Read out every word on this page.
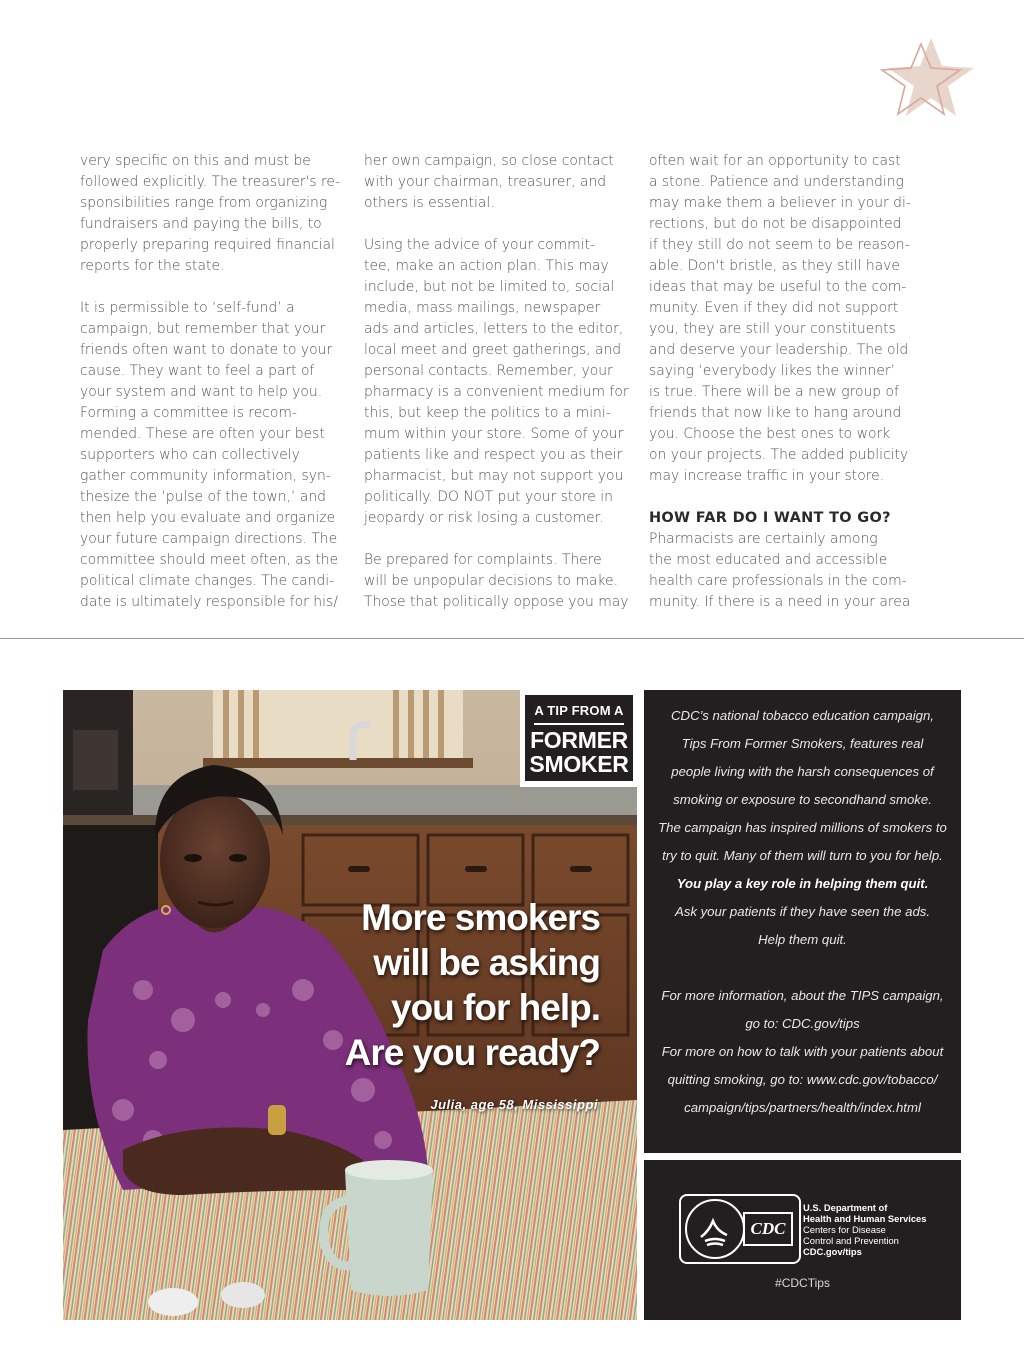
very specific on this and must be
followed explicitly. The treasurer's re-
sponsibilities range from organizing
fundraisers and paying the bills, to
properly preparing required financial
reports for the state.

It is permissible to ‘self-fund’ a
campaign, but remember that your
friends often want to donate to your
cause. They want to feel a part of
your system and want to help you.
Forming a committee is recom-
mended. These are often your best
supporters who can collectively
gather community information, syn-
thesize the ‘pulse of the town,’ and
then help you evaluate and organize
your future campaign directions. The
committee should meet often, as the
political climate changes. The candi-
date is ultimately responsible for his/

her own campaign, so close contact
with your chairman, treasurer, and
others is essential.

Using the advice of your commit-
tee, make an action plan. This may
include, but not be limited to, social
media, mass mailings, newspaper
ads and articles, letters to the editor,
local meet and greet gatherings, and
personal contacts. Remember, your
pharmacy is a convenient medium for
this, but keep the politics to a mini-
mum within your store. Some of your
patients like and respect you as their
pharmacist, but may not support you
politically. DO NOT put your store in
jeopardy or risk losing a customer.

Be prepared for complaints. There
will be unpopular decisions to make.
Those that politically oppose you may

often wait for an opportunity to cast
a stone. Patience and understanding
may make them a believer in your di-
rections, but do not be disappointed
if they still do not seem to be reason-
able. Don't bristle, as they still have
ideas that may be useful to the com-
munity. Even if they did not support
you, they are still your constituents
and deserve your leadership. The old
saying ‘everybody likes the winner’
is true. There will be a new group of
friends that now like to hang around
you. Choose the best ones to work
on your projects. The added publicity
may increase traffic in your store.

HOW FAR DO I WANT TO GO?

Pharmacists are certainly among
the most educated and accessible
health care professionals in the com-
munity. If there is a need in your area

A TIP FROM A
FORMER
SMOKER
More smokers
will be asking
you for help.
Are you ready?
Julia, age 58, Mississippi
CDC’s national tobacco education campaign,
Tips From Former Smokers, features real
people living with the harsh consequences of
smoking or exposure to secondhand smoke.
The campaign has inspired millions of smokers to
try to quit. Many of them will turn to you for help.
You play a key role in helping them quit.
Ask your patients if they have seen the ads.
Help them quit.
For more information, about the TIPS campaign,
go to: CDC.gov/tips
For more on how to talk with your patients about
quitting smoking, go to: www.cdc.gov/tobacco/
campaign/tips/partners/health/index.html
CDC
U.S. Department of
Health and Human Services
Centers for Disease
Control and Prevention
CDC.gov/tips
#CDCTips
